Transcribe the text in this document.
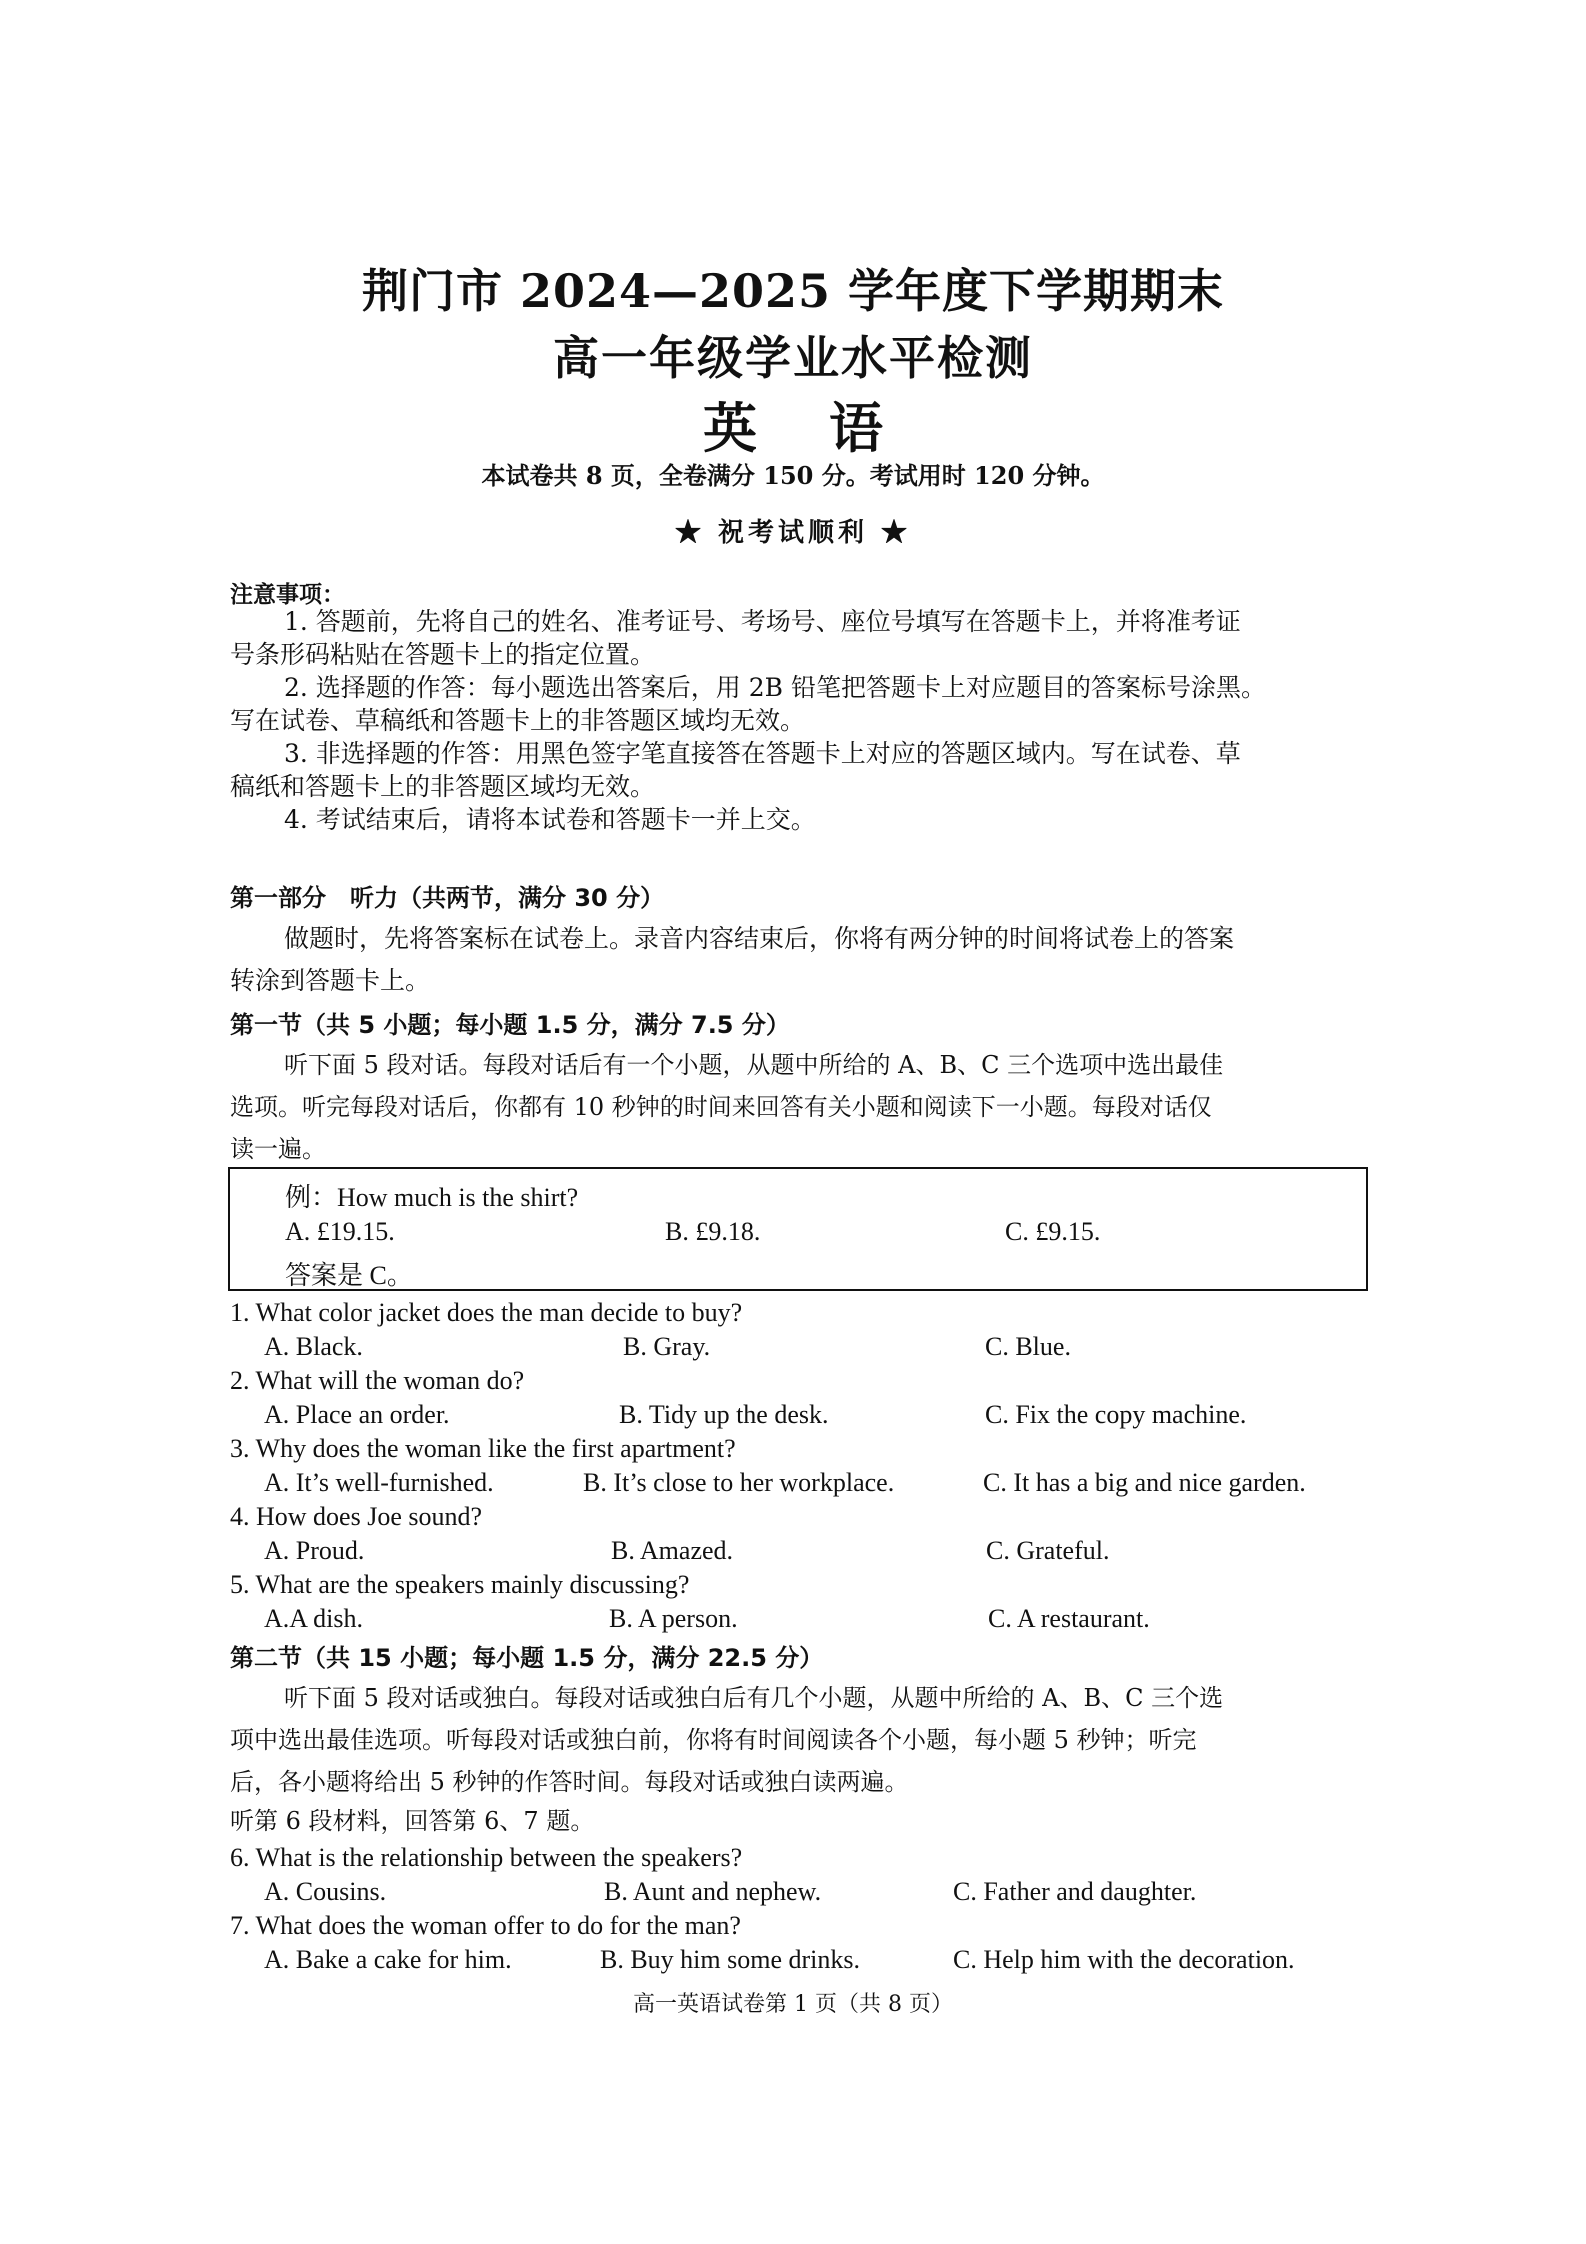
荆门市 2024—2025 学年度下学期期末
高一年级学业水平检测
英语
本试卷共 8 页，全卷满分 150 分。考试用时 120 分钟。
★ 祝考试顺利 ★
注意事项：
1. 答题前，先将自己的姓名、准考证号、考场号、座位号填写在答题卡上，并将准考证
号条形码粘贴在答题卡上的指定位置。
2. 选择题的作答：每小题选出答案后，用 2B 铅笔把答题卡上对应题目的答案标号涂黑。
写在试卷、草稿纸和答题卡上的非答题区域均无效。
3. 非选择题的作答：用黑色签字笔直接答在答题卡上对应的答题区域内。写在试卷、草
稿纸和答题卡上的非答题区域均无效。
4. 考试结束后，请将本试卷和答题卡一并上交。
第一部分　听力（共两节，满分 30 分）
做题时，先将答案标在试卷上。录音内容结束后，你将有两分钟的时间将试卷上的答案
转涂到答题卡上。
第一节（共 5 小题；每小题 1.5 分，满分 7.5 分）
听下面 5 段对话。每段对话后有一个小题，从题中所给的 A、B、C 三个选项中选出最佳
选项。听完每段对话后，你都有 10 秒钟的时间来回答有关小题和阅读下一小题。每段对话仅
读一遍。
例：How much is the shirt?
A. £19.15.	B. £9.18.	C. £9.15.
答案是 C。
1. What color jacket does the man decide to buy?
A. Black.	B. Gray.	C. Blue.
2. What will the woman do?
A. Place an order.	B. Tidy up the desk.	C. Fix the copy machine.
3. Why does the woman like the first apartment?
A. It’s well-furnished.	B. It’s close to her workplace.	C. It has a big and nice garden.
4. How does Joe sound?
A. Proud.	B. Amazed.	C. Grateful.
5. What are the speakers mainly discussing?
A.A dish.	B. A person.	C. A restaurant.
第二节（共 15 小题；每小题 1.5 分，满分 22.5 分）
听下面 5 段对话或独白。每段对话或独白后有几个小题，从题中所给的 A、B、C 三个选
项中选出最佳选项。听每段对话或独白前，你将有时间阅读各个小题，每小题 5 秒钟；听完
后，各小题将给出 5 秒钟的作答时间。每段对话或独白读两遍。
听第 6 段材料，回答第 6、7 题。
6. What is the relationship between the speakers?
A. Cousins.	B. Aunt and nephew.	C. Father and daughter.
7. What does the woman offer to do for the man?
A. Bake a cake for him.	B. Buy him some drinks.	C. Help him with the decoration.
高一英语试卷第 1 页（共 8 页）
